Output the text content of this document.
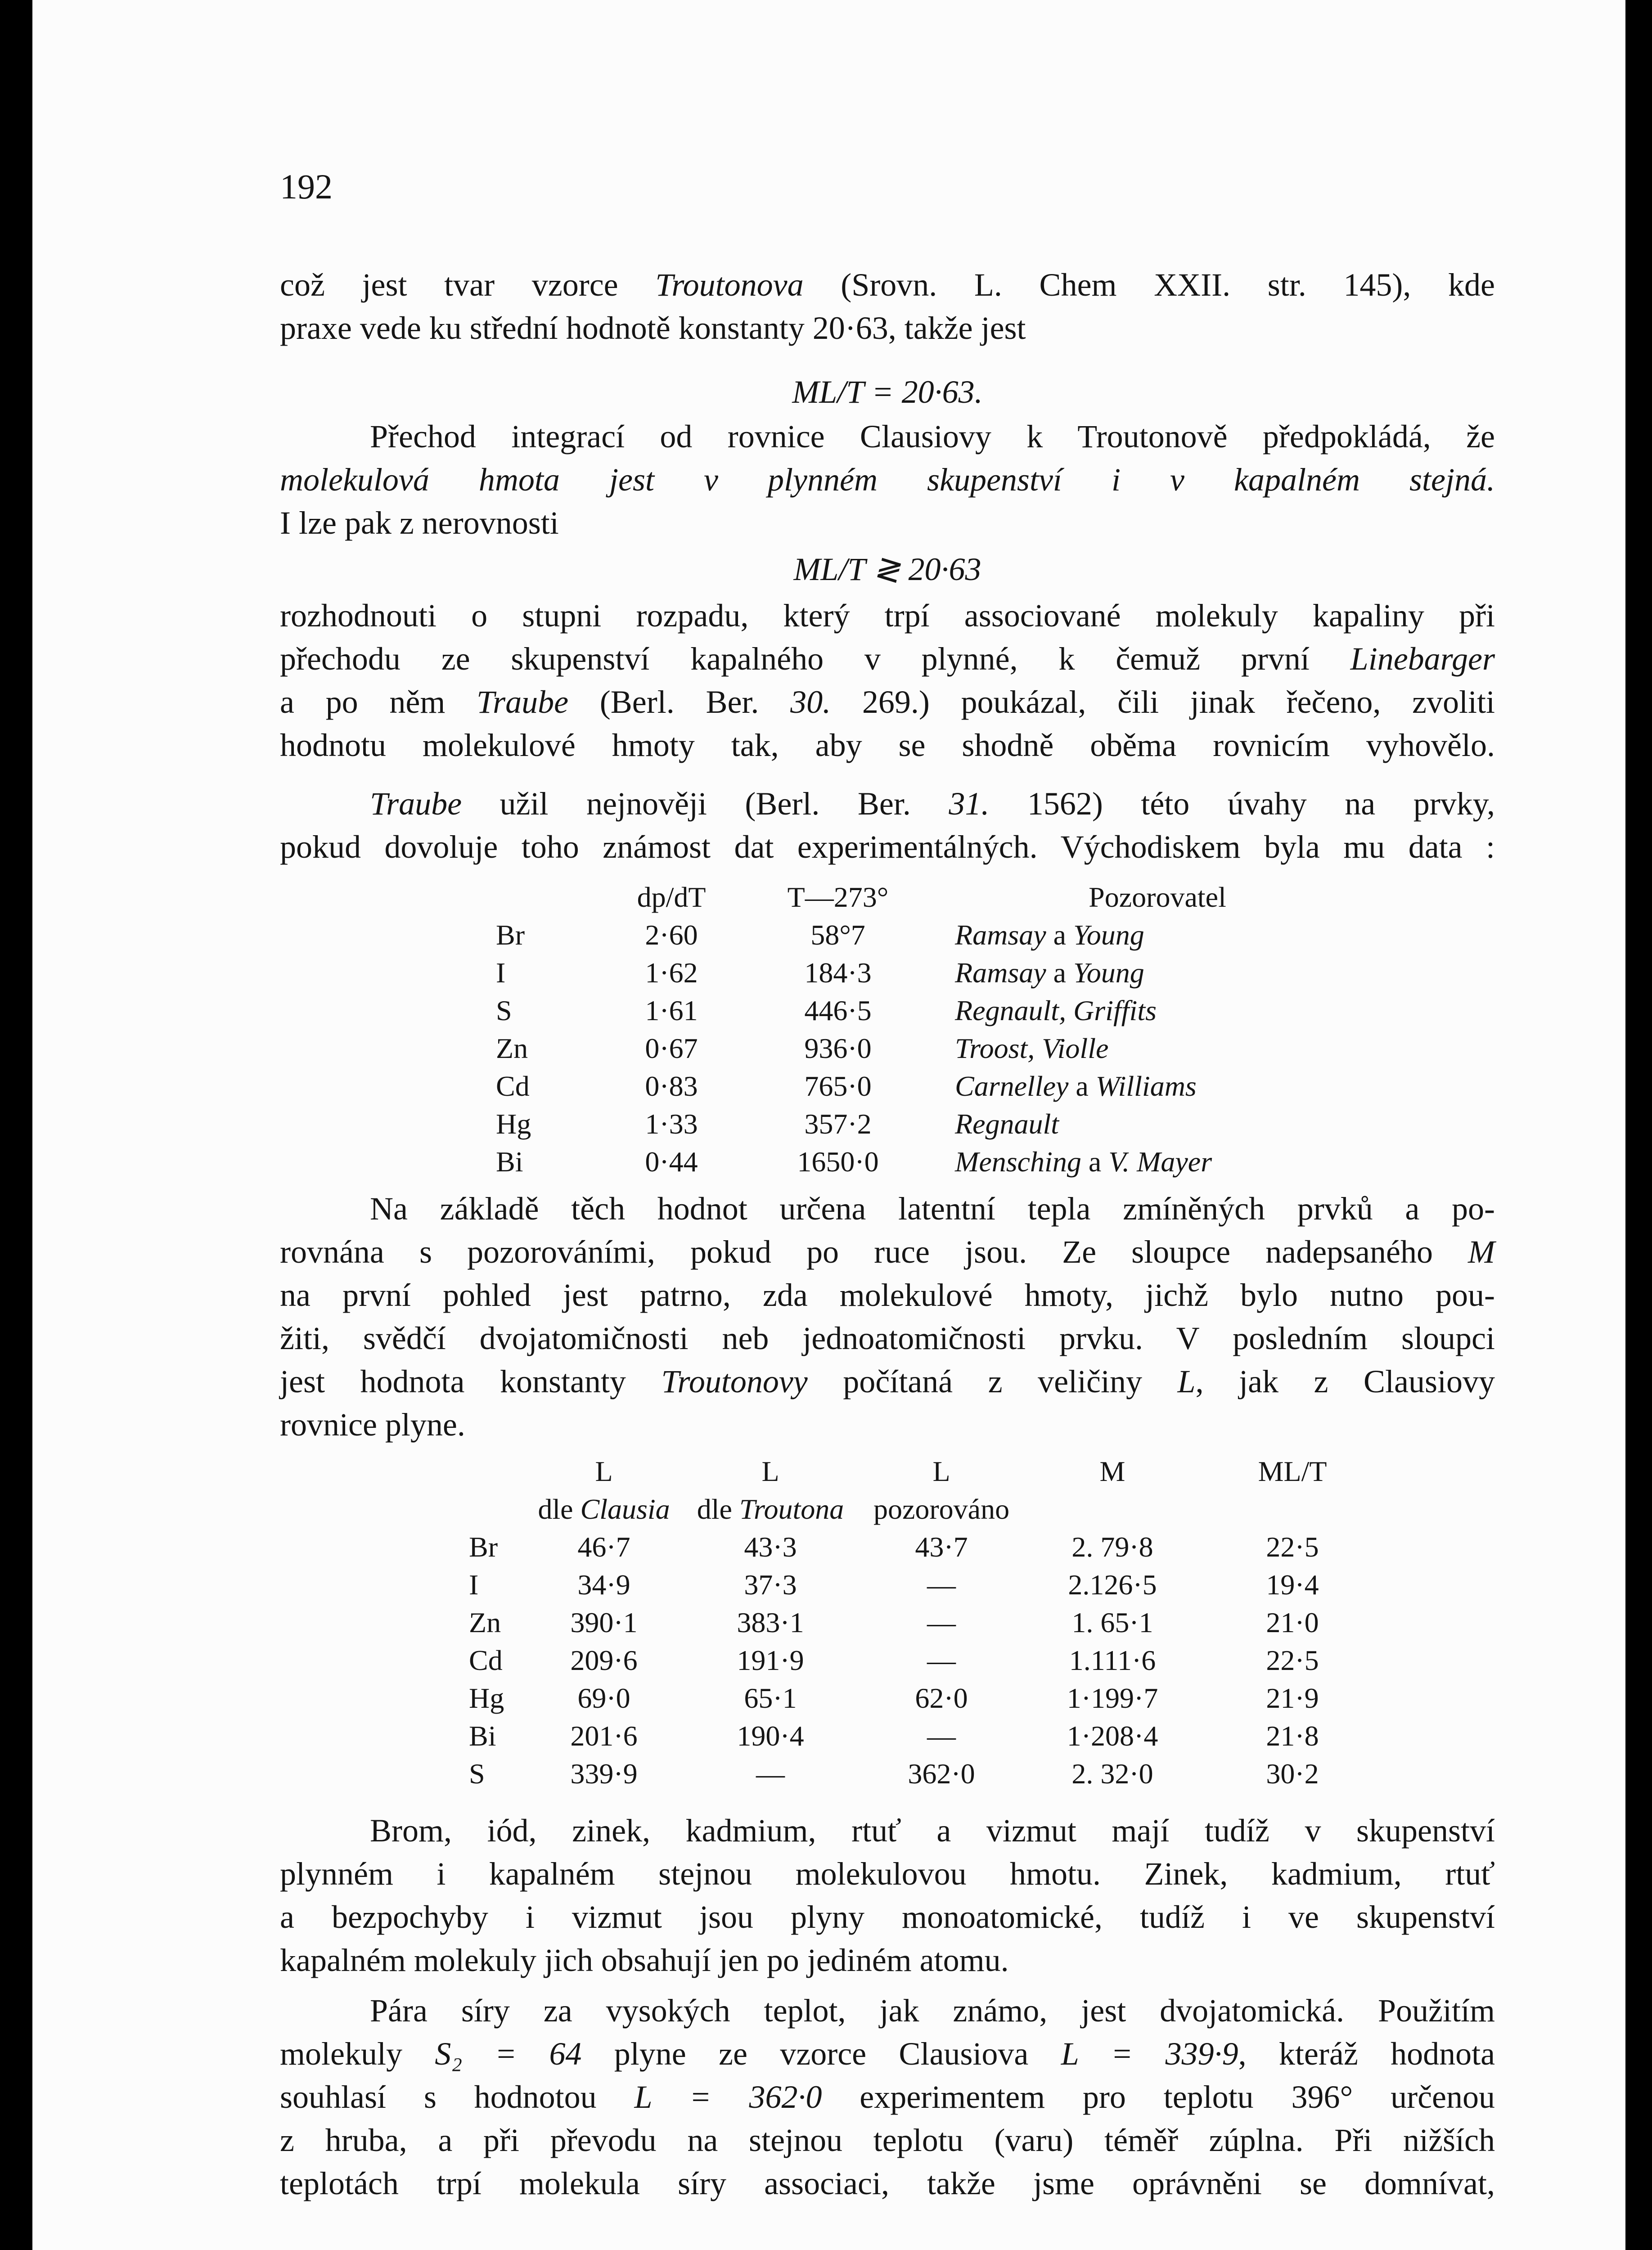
192
což jest tvar vzorce Troutonova (Srovn. L. Chem XXII. str. 145), kde
praxe vede ku střední hodnotě konstanty 20·63, takže jest
ML/T = 20·63.
Přechod integrací od rovnice Clausiovy k Troutonově předpokládá, že
molekulová hmota jest v plynném skupenství i v kapalném stejná.
I lze pak z nerovnosti
ML/T ≷ 20·63
rozhodnouti o stupni rozpadu, který trpí associované molekuly kapaliny při
přechodu ze skupenství kapalného v plynné, k čemuž první Linebarger
a po něm Traube (Berl. Ber. 30. 269.) poukázal, čili jinak řečeno, zvoliti
hodnotu molekulové hmoty tak, aby se shodně oběma rovnicím vyhovělo.
Traube užil nejnověji (Berl. Ber. 31. 1562) této úvahy na prvky,
pokud dovoluje toho známost dat experimentálných. Východiskem byla mu data :
	dp/dT	T—273°	Pozorovatel
Br	2·60	58°7	Ramsay a Young
I	1·62	184·3	Ramsay a Young
S	1·61	446·5	Regnault, Griffits
Zn	0·67	936·0	Troost, Violle
Cd	0·83	765·0	Carnelley a Williams
Hg	1·33	357·2	Regnault
Bi	0·44	1650·0	Mensching a V. Mayer
Na základě těch hodnot určena latentní tepla zmíněných prvků a po-
rovnána s pozorováními, pokud po ruce jsou. Ze sloupce nadepsaného M
na první pohled jest patrno, zda molekulové hmoty, jichž bylo nutno pou-
žiti, svědčí dvojatomičnosti neb jednoatomičnosti prvku. V posledním sloupci
jest hodnota konstanty Troutonovy počítaná z veličiny L, jak z Clausiovy
rovnice plyne.
	L	L	L	M	ML/T
	dle Clausia	dle Troutona	pozorováno		
Br	46·7	43·3	43·7	2. 79·8	22·5
I	34·9	37·3	—	2.126·5	19·4
Zn	390·1	383·1	—	1. 65·1	21·0
Cd	209·6	191·9	—	1.111·6	22·5
Hg	69·0	65·1	62·0	1·199·7	21·9
Bi	201·6	190·4	—	1·208·4	21·8
S	339·9	—	362·0	2. 32·0	30·2
Brom, iód, zinek, kadmium, rtuť a vizmut mají tudíž v skupenství
plynném i kapalném stejnou molekulovou hmotu. Zinek, kadmium, rtuť
a bezpochyby i vizmut jsou plyny monoatomické, tudíž i ve skupenství
kapalném molekuly jich obsahují jen po jediném atomu.
Pára síry za vysokých teplot, jak známo, jest dvojatomická. Použitím
molekuly S₂ = 64 plyne ze vzorce Clausiova L = 339·9, kteráž hodnota
souhlasí s hodnotou L = 362·0 experimentem pro teplotu 396° určenou
z hruba, a při převodu na stejnou teplotu (varu) téměř zúplna. Při nižších
teplotách trpí molekula síry associaci, takže jsme oprávněni se domnívat,
